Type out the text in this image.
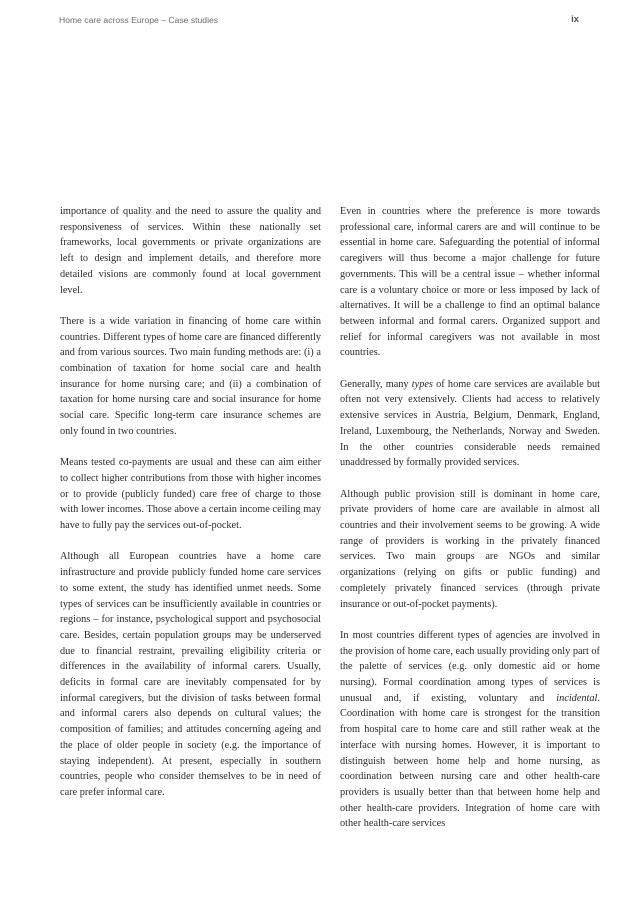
Home care across Europe – Case studies	ix

importance of quality and the need to assure the quality and responsiveness of services. Within these nationally set frameworks, local governments or private organizations are left to design and implement details, and therefore more detailed visions are commonly found at local government level.

There is a wide variation in financing of home care within countries. Different types of home care are financed differently and from various sources. Two main funding methods are: (i) a combination of taxation for home social care and health insurance for home nursing care; and (ii) a combination of taxation for home nursing care and social insurance for home social care. Specific long-term care insurance schemes are only found in two countries.

Means tested co-payments are usual and these can aim either to collect higher contributions from those with higher incomes or to provide (publicly funded) care free of charge to those with lower incomes. Those above a certain income ceiling may have to fully pay the services out-of-pocket.

Although all European countries have a home care infrastructure and provide publicly funded home care services to some extent, the study has identified unmet needs. Some types of services can be insufficiently available in countries or regions – for instance, psychological support and psychosocial care. Besides, certain population groups may be underserved due to financial restraint, prevailing eligibility criteria or differences in the availability of informal carers. Usually, deficits in formal care are inevitably compensated for by informal caregivers, but the division of tasks between formal and informal carers also depends on cultural values; the composition of families; and attitudes concerning ageing and the place of older people in society (e.g. the importance of staying independent). At present, especially in southern countries, people who consider themselves to be in need of care prefer informal care.

Even in countries where the preference is more towards professional care, informal carers are and will continue to be essential in home care. Safeguarding the potential of informal caregivers will thus become a major challenge for future governments. This will be a central issue – whether informal care is a voluntary choice or more or less imposed by lack of alternatives. It will be a challenge to find an optimal balance between informal and formal carers. Organized support and relief for informal caregivers was not available in most countries.

Generally, many types of home care services are available but often not very extensively. Clients had access to relatively extensive services in Austria, Belgium, Denmark, England, Ireland, Luxembourg, the Netherlands, Norway and Sweden. In the other countries considerable needs remained unaddressed by formally provided services.

Although public provision still is dominant in home care, private providers of home care are available in almost all countries and their involvement seems to be growing. A wide range of providers is working in the privately financed services. Two main groups are NGOs and similar organizations (relying on gifts or public funding) and completely privately financed services (through private insurance or out-of-pocket payments).

In most countries different types of agencies are involved in the provision of home care, each usually providing only part of the palette of services (e.g. only domestic aid or home nursing). Formal coordination among types of services is unusual and, if existing, voluntary and incidental. Coordination with home care is strongest for the transition from hospital care to home care and still rather weak at the interface with nursing homes. However, it is important to distinguish between home help and home nursing, as coordination between nursing care and other health-care providers is usually better than that between home help and other health-care providers. Integration of home care with other health-care services
